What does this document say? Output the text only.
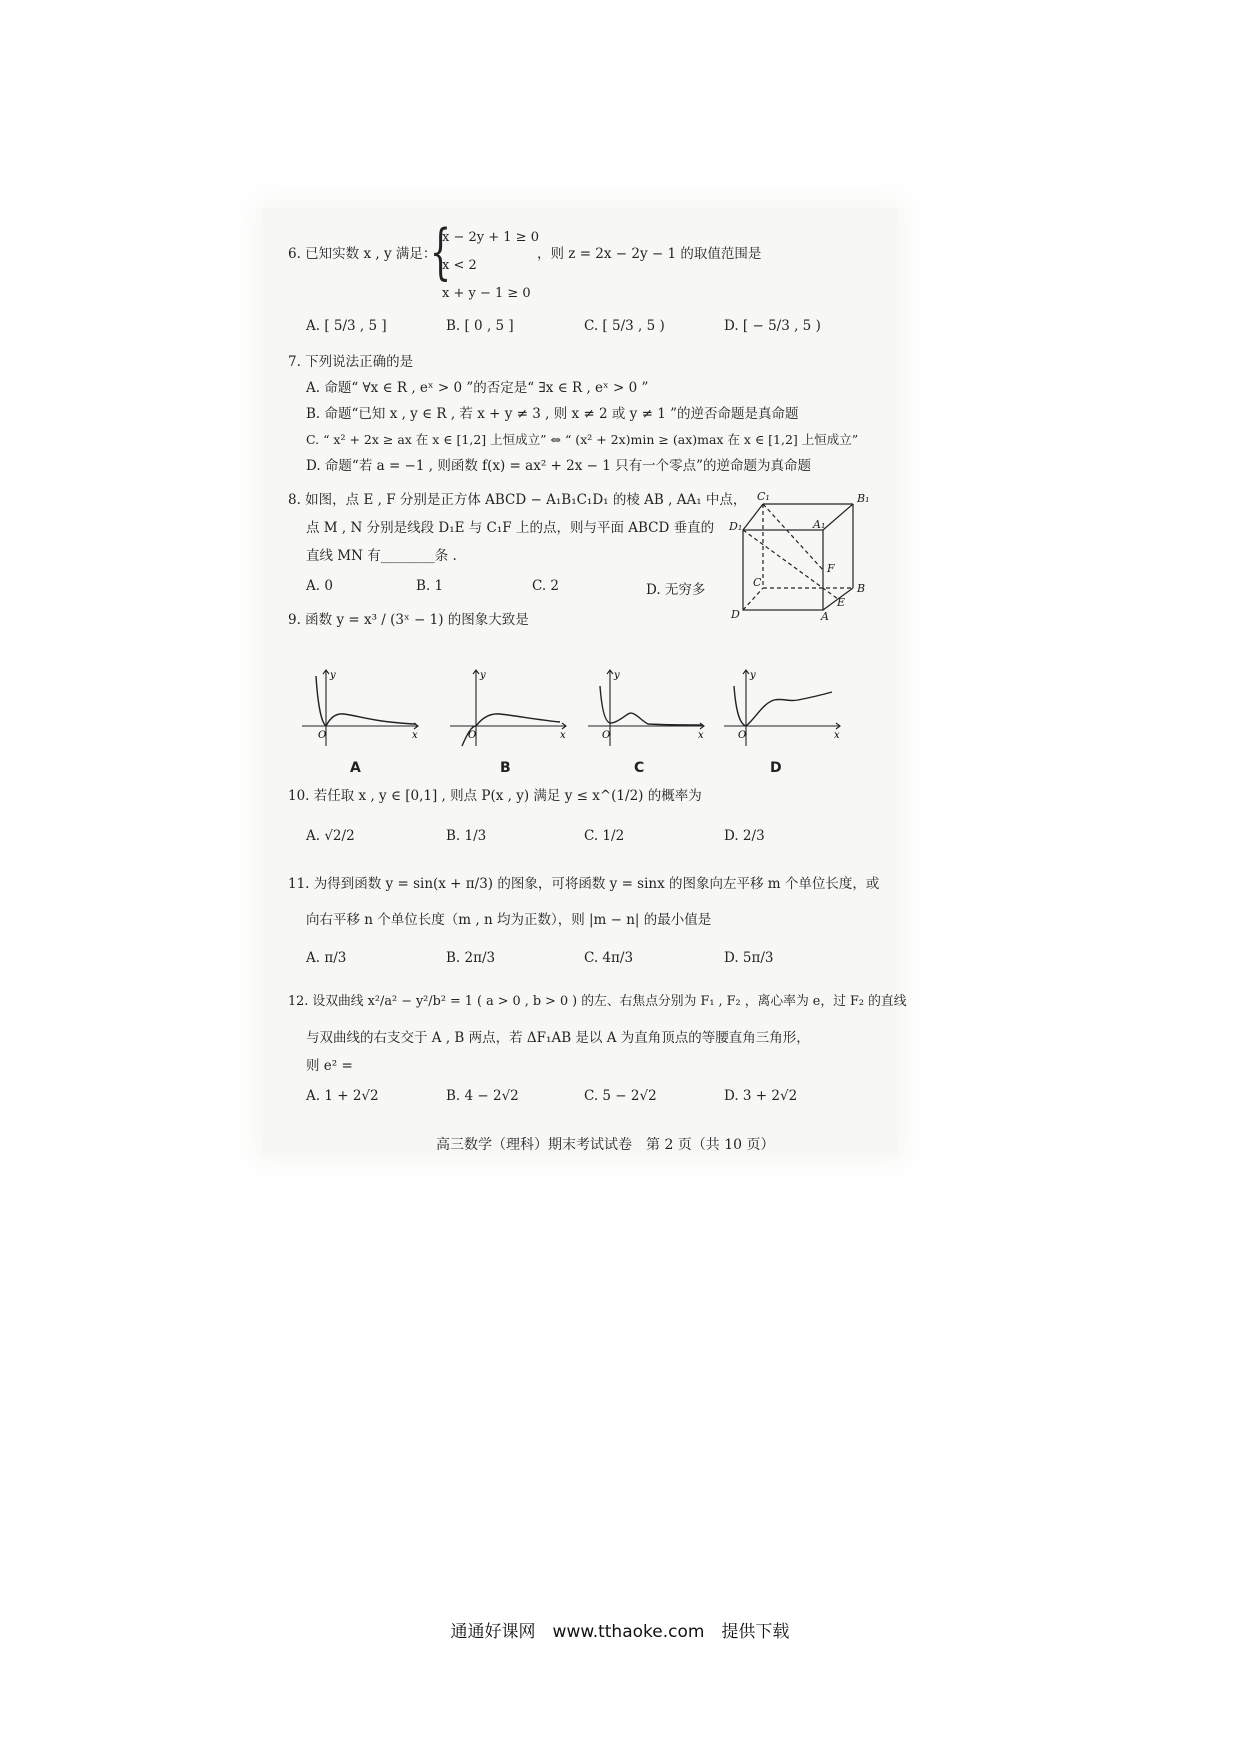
6. 已知实数 x , y 满足：
{
x − 2y + 1 ≥ 0
x < 2
x + y − 1 ≥ 0
，则 z = 2x − 2y − 1 的取值范围是
A. [ 5/3 , 5 ]	B. [ 0 , 5 ]	C. [ 5/3 , 5 )	D. [ − 5/3 , 5 )
7. 下列说法正确的是
A. 命题“ ∀x ∈ R , eˣ > 0 ”的否定是“ ∃x ∈ R , eˣ > 0 ”
B. 命题“已知 x , y ∈ R , 若 x + y ≠ 3 , 则 x ≠ 2 或 y ≠ 1 ”的逆否命题是真命题
C. “ x² + 2x ≥ ax 在 x ∈ [1,2] 上恒成立” ⇔ “ (x² + 2x)min ≥ (ax)max 在 x ∈ [1,2] 上恒成立”
D. 命题“若 a = −1 , 则函数 f(x) = ax² + 2x − 1 只有一个零点”的逆命题为真命题
8. 如图，点 E , F 分别是正方体 ABCD − A₁B₁C₁D₁ 的棱 AB , AA₁ 中点，
点 M , N 分别是线段 D₁E 与 C₁F 上的点，则与平面 ABCD 垂直的
直线 MN 有________条 .
A. 0	B. 1	C. 2	D. 无穷多
C₁	B₁
D₁	A₁
F
C	B
E
D	A
9. 函数 y = x³ / (3ˣ − 1) 的图象大致是
O	x
y
O	x
y
O	x
y
O	x
y
A	B	C	D
10. 若任取 x , y ∈ [0,1] , 则点 P(x , y) 满足 y ≤ x^(1/2) 的概率为
A. √2/2	B. 1/3	C. 1/2	D. 2/3
11. 为得到函数 y = sin(x + π/3) 的图象，可将函数 y = sinx 的图象向左平移 m 个单位长度，或
向右平移 n 个单位长度（m , n 均为正数），则 |m − n| 的最小值是
A. π/3	B. 2π/3	C. 4π/3	D. 5π/3
12. 设双曲线 x²/a² − y²/b² = 1 ( a > 0 , b > 0 ) 的左、右焦点分别为 F₁ , F₂ ，离心率为 e，过 F₂ 的直线
与双曲线的右支交于 A , B 两点，若 ΔF₁AB 是以 A 为直角顶点的等腰直角三角形，
则 e² =
A. 1 + 2√2	B. 4 − 2√2	C. 5 − 2√2	D. 3 + 2√2
高三数学（理科）期末考试试卷　第 2 页（共 10 页）
通通好课网　www.tthaoke.com　提供下载
